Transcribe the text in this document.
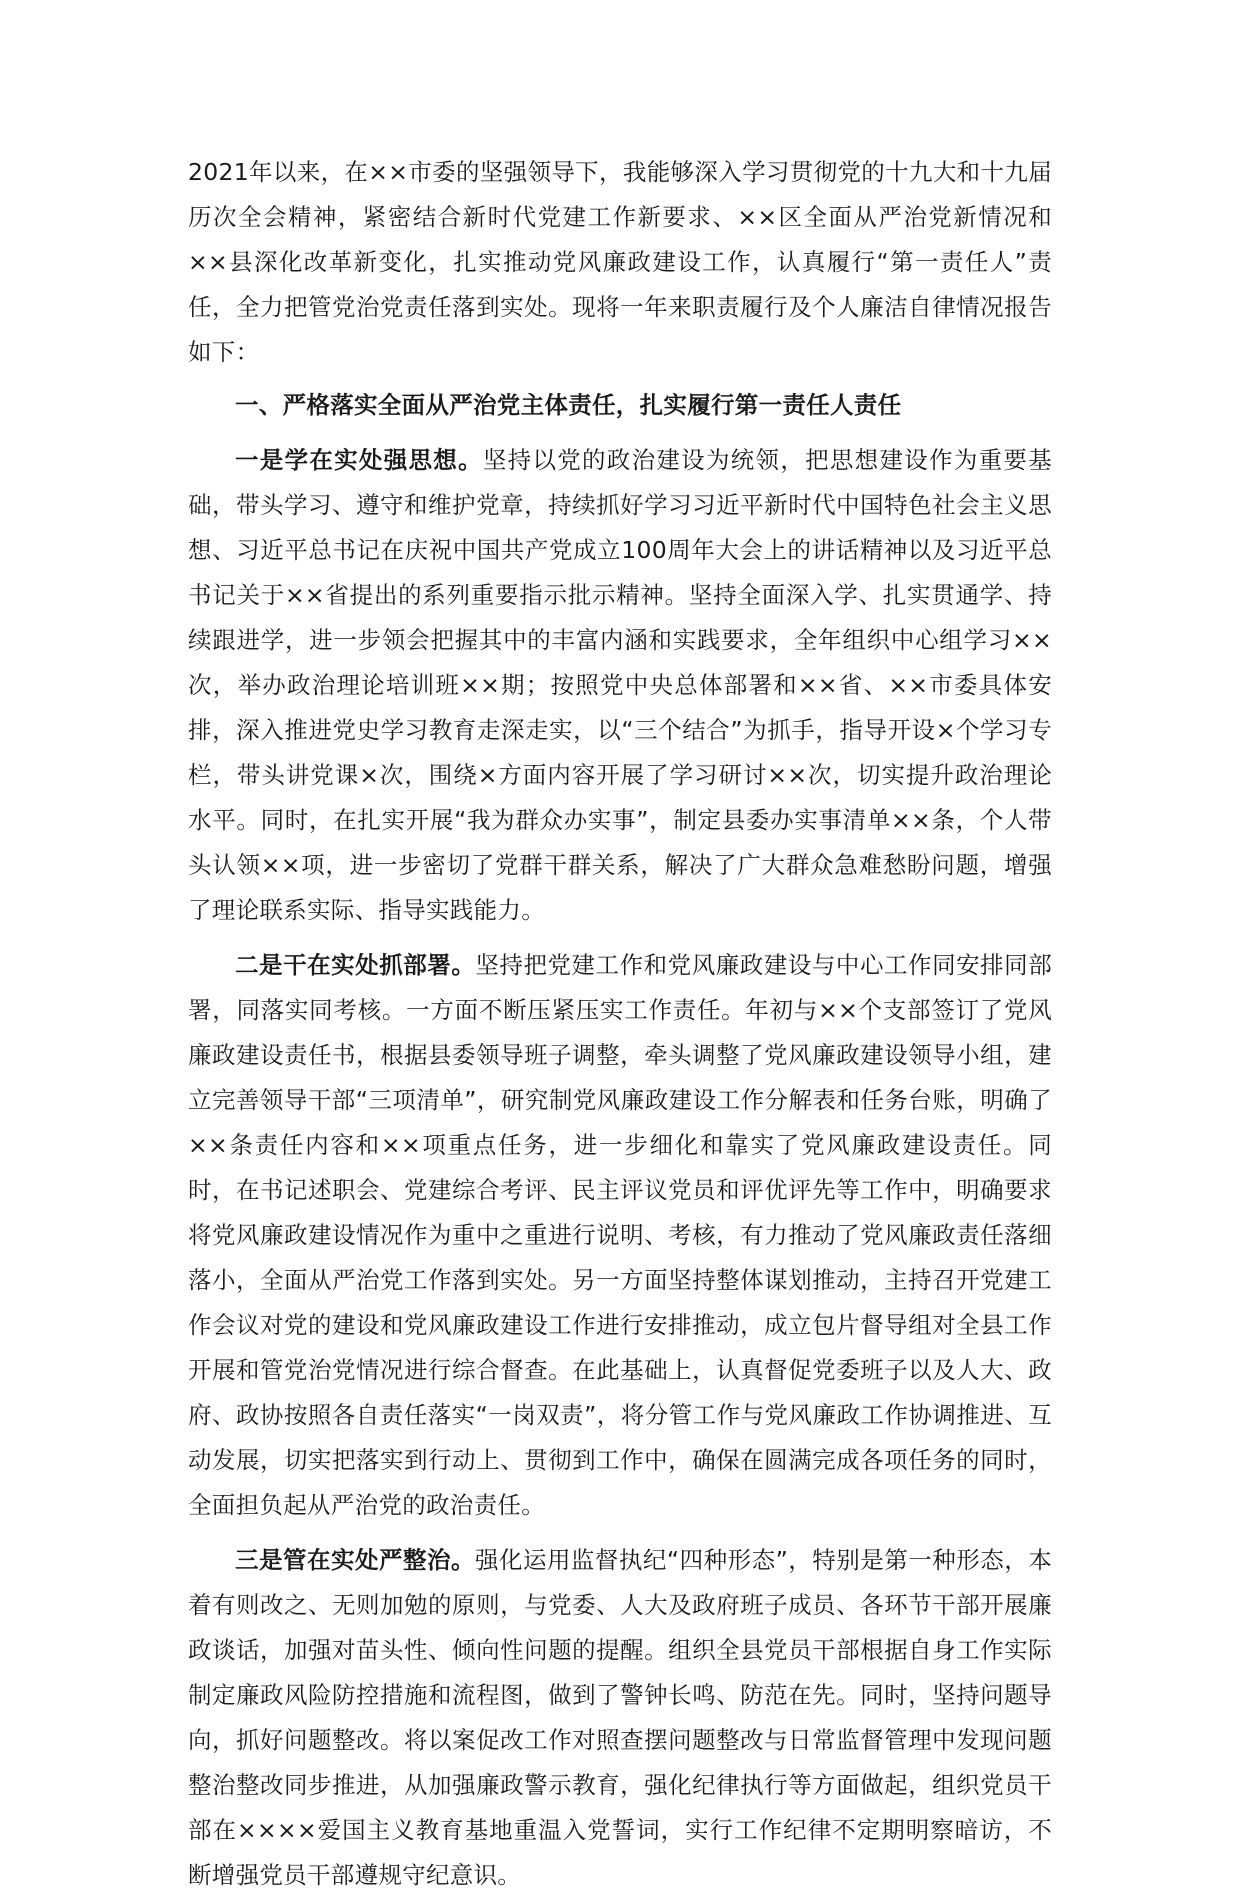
2021年以来，在××市委的坚强领导下，我能够深入学习贯彻党的十九大和十九届历次全会精神，紧密结合新时代党建工作新要求、××区全面从严治党新情况和××县深化改革新变化，扎实推动党风廉政建设工作，认真履行“第一责任人”责任，全力把管党治党责任落到实处。现将一年来职责履行及个人廉洁自律情况报告如下：

一、严格落实全面从严治党主体责任，扎实履行第一责任人责任

一是学在实处强思想。坚持以党的政治建设为统领，把思想建设作为重要基础，带头学习、遵守和维护党章，持续抓好学习习近平新时代中国特色社会主义思想、习近平总书记在庆祝中国共产党成立100周年大会上的讲话精神以及习近平总书记关于××省提出的系列重要指示批示精神。坚持全面深入学、扎实贯通学、持续跟进学，进一步领会把握其中的丰富内涵和实践要求，全年组织中心组学习××次，举办政治理论培训班××期；按照党中央总体部署和××省、××市委具体安排，深入推进党史学习教育走深走实，以“三个结合”为抓手，指导开设×个学习专栏，带头讲党课×次，围绕×方面内容开展了学习研讨××次，切实提升政治理论水平。同时，在扎实开展“我为群众办实事”，制定县委办实事清单××条，个人带头认领××项，进一步密切了党群干群关系，解决了广大群众急难愁盼问题，增强了理论联系实际、指导实践能力。

二是干在实处抓部署。坚持把党建工作和党风廉政建设与中心工作同安排同部署，同落实同考核。一方面不断压紧压实工作责任。年初与××个支部签订了党风廉政建设责任书，根据县委领导班子调整，牵头调整了党风廉政建设领导小组，建立完善领导干部“三项清单”，研究制党风廉政建设工作分解表和任务台账，明确了××条责任内容和××项重点任务，进一步细化和靠实了党风廉政建设责任。同时，在书记述职会、党建综合考评、民主评议党员和评优评先等工作中，明确要求将党风廉政建设情况作为重中之重进行说明、考核，有力推动了党风廉政责任落细落小，全面从严治党工作落到实处。另一方面坚持整体谋划推动，主持召开党建工作会议对党的建设和党风廉政建设工作进行安排推动，成立包片督导组对全县工作开展和管党治党情况进行综合督查。在此基础上，认真督促党委班子以及人大、政府、政协按照各自责任落实“一岗双责”，将分管工作与党风廉政工作协调推进、互动发展，切实把落实到行动上、贯彻到工作中，确保在圆满完成各项任务的同时，全面担负起从严治党的政治责任。

三是管在实处严整治。强化运用监督执纪“四种形态”，特别是第一种形态，本着有则改之、无则加勉的原则，与党委、人大及政府班子成员、各环节干部开展廉政谈话，加强对苗头性、倾向性问题的提醒。组织全县党员干部根据自身工作实际制定廉政风险防控措施和流程图，做到了警钟长鸣、防范在先。同时，坚持问题导向，抓好问题整改。将以案促改工作对照查摆问题整改与日常监督管理中发现问题整治整改同步推进，从加强廉政警示教育，强化纪律执行等方面做起，组织党员干部在××××爱国主义教育基地重温入党誓词，实行工作纪律不定期明察暗访，不断增强党员干部遵规守纪意识。
